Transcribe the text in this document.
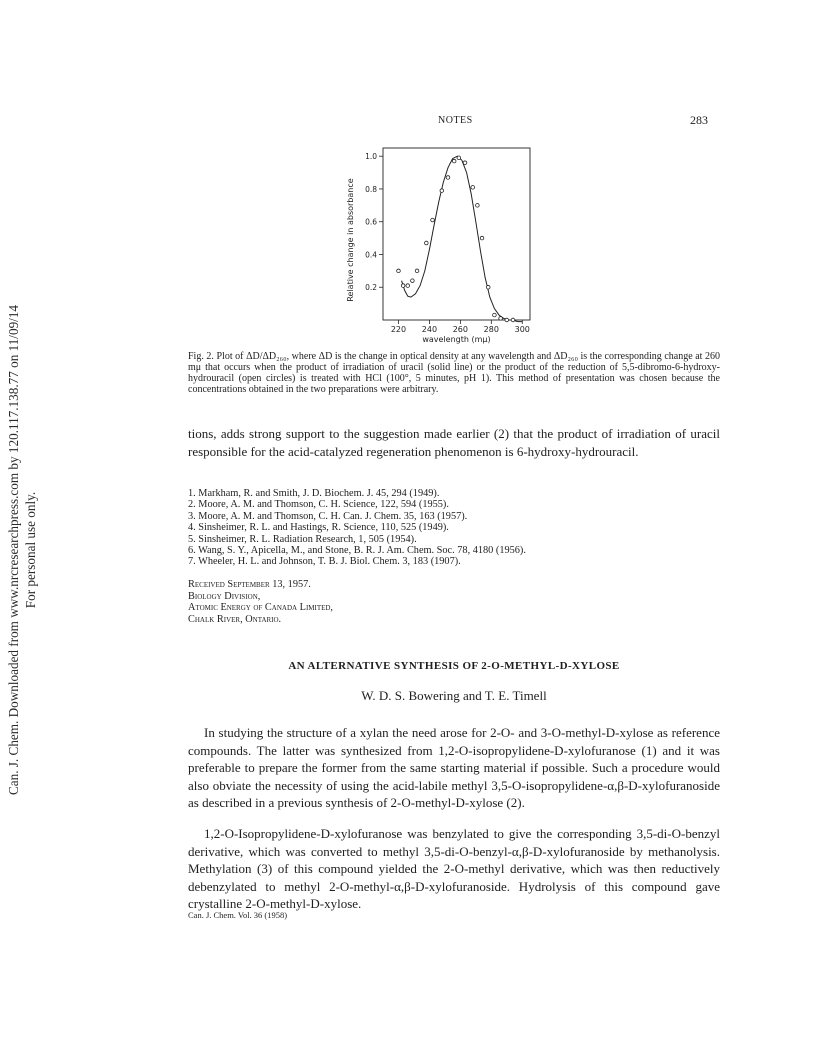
Can. J. Chem. Downloaded from www.nrcresearchpress.com by 120.117.138.77 on 11/09/14 For personal use only.
NOTES	283
220 240 260 280 300
0.2
0.4
0.6
0.8
1.0
wavelength (mμ)
Relative change in absorbance
Fig. 2. Plot of ΔD/ΔD₂₆₀, where ΔD is the change in optical density at any wavelength and ΔD₂₆₀ is the corresponding change at 260 mμ that occurs when the product of irradiation of uracil (solid line) or the product of the reduction of 5,5-dibromo-6-hydroxy-hydrouracil (open circles) is treated with HCl (100°, 5 minutes, pH 1). This method of presentation was chosen because the concentrations obtained in the two preparations were arbitrary.
tions, adds strong support to the suggestion made earlier (2) that the product of irradiation of uracil responsible for the acid-catalyzed regeneration phenomenon is 6-hydroxy-hydrouracil.
1. Markham, R. and Smith, J. D. Biochem. J. 45, 294 (1949).
2. Moore, A. M. and Thomson, C. H. Science, 122, 594 (1955).
3. Moore, A. M. and Thomson, C. H. Can. J. Chem. 35, 163 (1957).
4. Sinsheimer, R. L. and Hastings, R. Science, 110, 525 (1949).
5. Sinsheimer, R. L. Radiation Research, 1, 505 (1954).
6. Wang, S. Y., Apicella, M., and Stone, B. R. J. Am. Chem. Soc. 78, 4180 (1956).
7. Wheeler, H. L. and Johnson, T. B. J. Biol. Chem. 3, 183 (1907).
Received September 13, 1957.
Biology Division,
Atomic Energy of Canada Limited,
Chalk River, Ontario.
AN ALTERNATIVE SYNTHESIS OF 2-O-METHYL-D-XYLOSE
W. D. S. Bowering and T. E. Timell
In studying the structure of a xylan the need arose for 2-O- and 3-O-methyl-D-xylose as reference compounds. The latter was synthesized from 1,2-O-isopropylidene-D-xylofuranose (1) and it was preferable to prepare the former from the same starting material if possible. Such a procedure would also obviate the necessity of using the acid-labile methyl 3,5-O-isopropylidene-α,β-D-xylofuranoside as described in a previous synthesis of 2-O-methyl-D-xylose (2).
1,2-O-Isopropylidene-D-xylofuranose was benzylated to give the corresponding 3,5-di-O-benzyl derivative, which was converted to methyl 3,5-di-O-benzyl-α,β-D-xylofuranoside by methanolysis. Methylation (3) of this compound yielded the 2-O-methyl derivative, which was then reductively debenzylated to methyl 2-O-methyl-α,β-D-xylofuranoside. Hydrolysis of this compound gave crystalline 2-O-methyl-D-xylose.
Can. J. Chem. Vol. 36 (1958)
